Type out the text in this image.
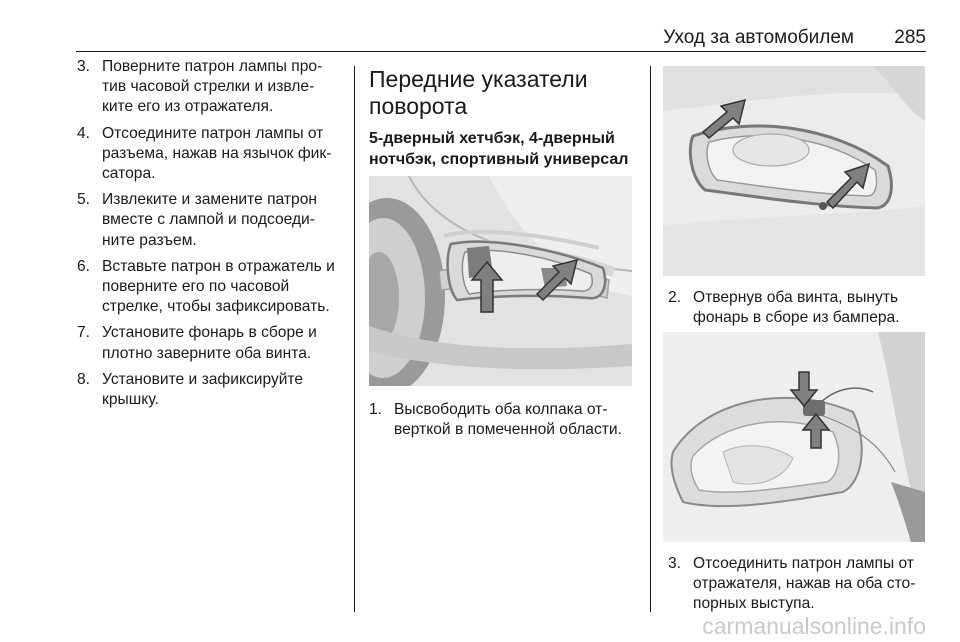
Уход за автомобилем 285
3. Поверните патрон лампы про-тив часовой стрелки и извле-ките его из отражателя.
4. Отсоедините патрон лампы от разъема, нажав на язычок фик-сатора.
5. Извлеките и замените патрон вместе с лампой и подсоеди-ните разъем.
6. Вставьте патрон в отражатель и поверните его по часовой стрелке, чтобы зафиксировать.
7. Установите фонарь в сборе и плотно заверните оба винта.
8. Установите и зафиксируйте крышку.
Передние указатели поворота
5-дверный хетчбэк, 4-дверный нотчбэк, спортивный универсал
1. Высвободить оба колпака от-верткой в помеченной области.
2. Отвернув оба винта, вынуть фонарь в сборе из бампера.
3. Отсоединить патрон лампы от отражателя, нажав на оба сто-порных выступа.
carmanualsonline.info
